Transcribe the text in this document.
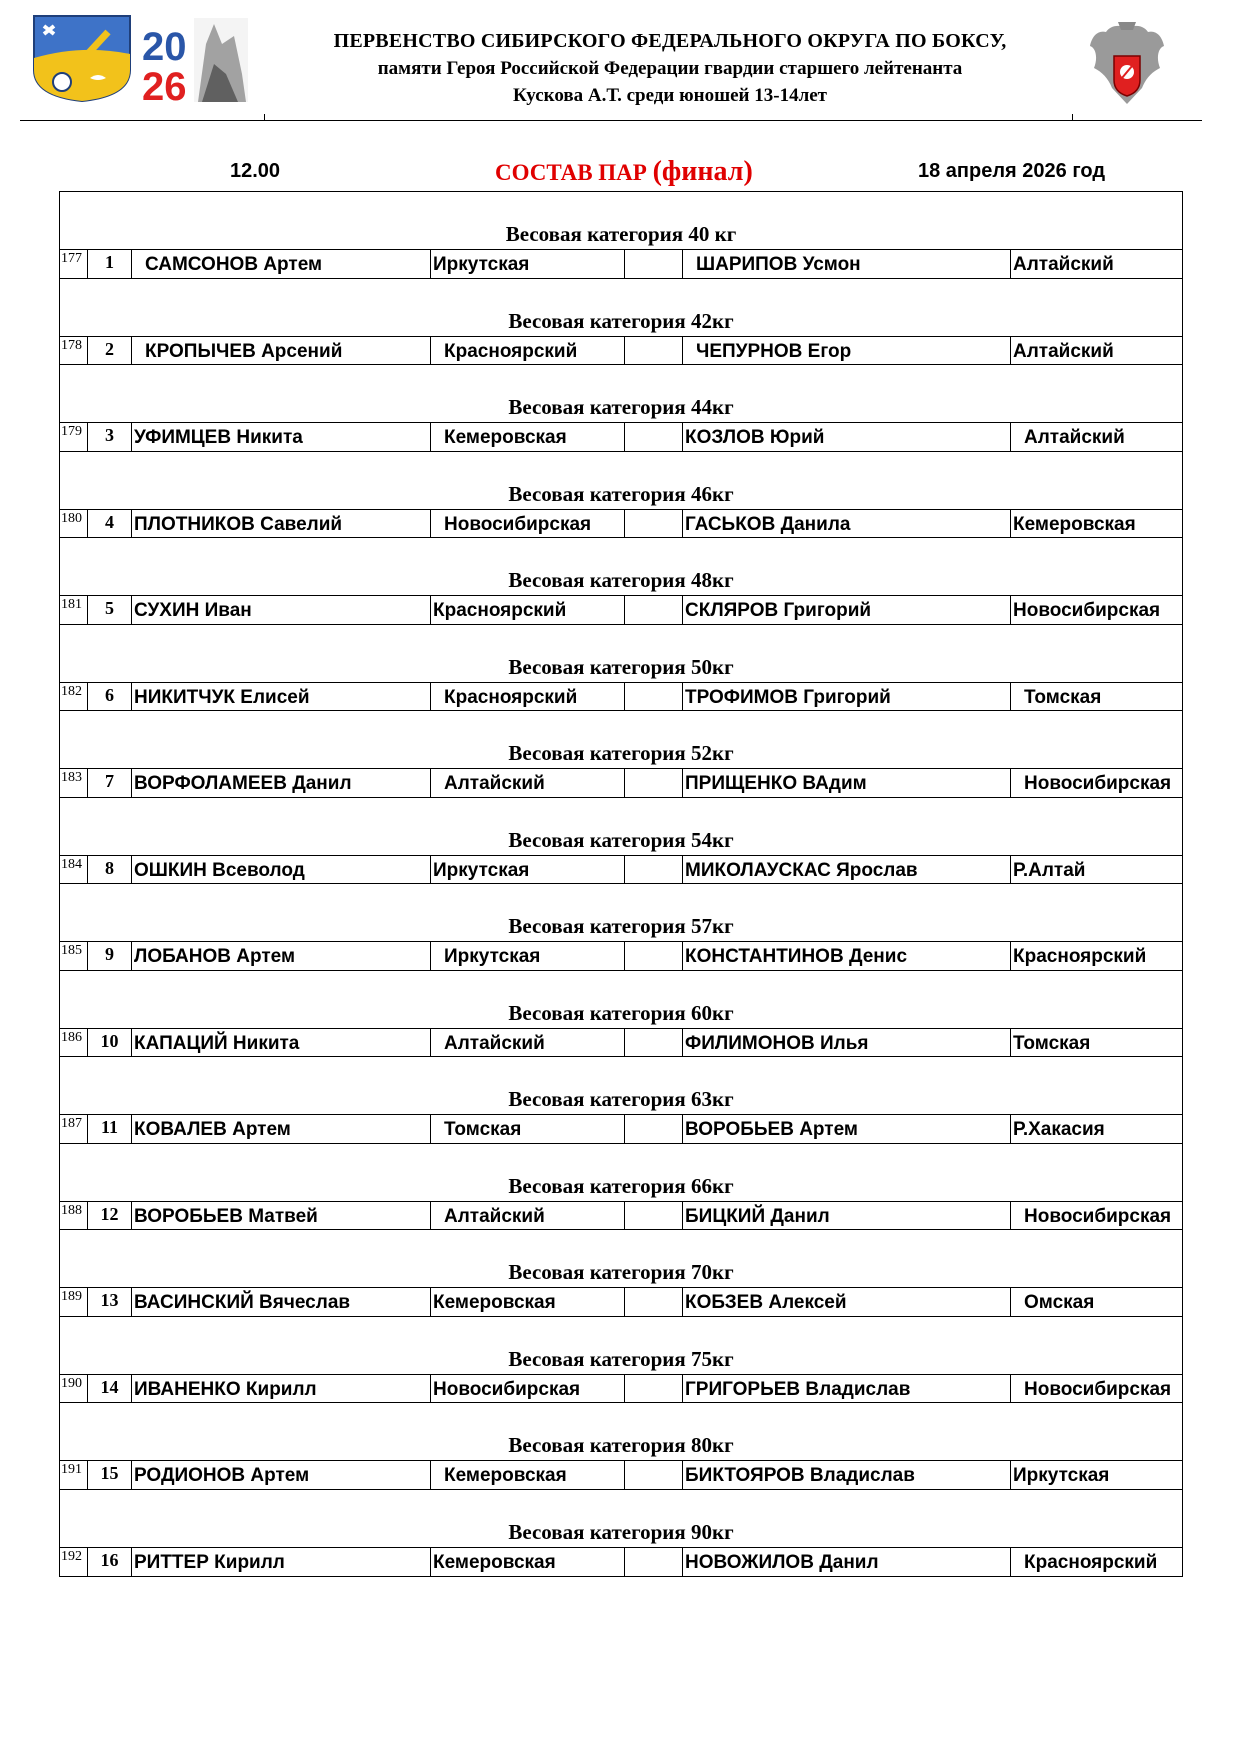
20
26
ПЕРВЕНСТВО СИБИРСКОГО ФЕДЕРАЛЬНОГО ОКРУГА ПО БОКСУ,
памяти Героя Российской Федерации гвардии старшего лейтенанта
Кускова А.Т. среди юношей 13-14лет
12.00	СОСТАВ ПАР (финал)	18 апреля 2026 год
Весовая категория 40 кг
177	1	САМСОНОВ Артем	Иркутская	ШАРИПОВ Усмон	Алтайский
Весовая категория 42кг
178	2	КРОПЫЧЕВ Арсений	Красноярский	ЧЕПУРНОВ Егор	Алтайский
Весовая категория 44кг
179	3	УФИМЦЕВ Никита	Кемеровская	КОЗЛОВ Юрий	Алтайский
Весовая категория 46кг
180	4	ПЛОТНИКОВ Савелий	Новосибирская	ГАСЬКОВ Данила	Кемеровская
Весовая категория 48кг
181	5	СУХИН Иван	Красноярский	СКЛЯРОВ Григорий	Новосибирская
Весовая категория 50кг
182	6	НИКИТЧУК Елисей	Красноярский	ТРОФИМОВ Григорий	Томская
Весовая категория 52кг
183	7	ВОРФОЛАМЕЕВ Данил	Алтайский	ПРИЩЕНКО ВАдим	Новосибирская
Весовая категория 54кг
184	8	ОШКИН Всеволод	Иркутская	МИКОЛАУСКАС Ярослав	Р.Алтай
Весовая категория 57кг
185	9	ЛОБАНОВ Артем	Иркутская	КОНСТАНТИНОВ Денис	Красноярский
Весовая категория 60кг
186	10 КАПАЦИЙ Никита	Алтайский	ФИЛИМОНОВ Илья	Томская
Весовая категория 63кг
187	11 КОВАЛЕВ Артем	Томская	ВОРОБЬЕВ Артем	Р.Хакасия
Весовая категория 66кг
188	12 ВОРОБЬЕВ Матвей	Алтайский	БИЦКИЙ Данил	Новосибирская
Весовая категория 70кг
189	13 ВАСИНСКИЙ Вячеслав	Кемеровская	КОБЗЕВ Алексей	Омская
Весовая категория 75кг
190	14 ИВАНЕНКО Кирилл	Новосибирская	ГРИГОРЬЕВ Владислав	Новосибирская
Весовая категория 80кг
191	15 РОДИОНОВ Артем	Кемеровская	БИКТОЯРОВ Владислав	Иркутская
Весовая категория 90кг
192	16 РИТТЕР Кирилл	Кемеровская	НОВОЖИЛОВ Данил	Красноярский
